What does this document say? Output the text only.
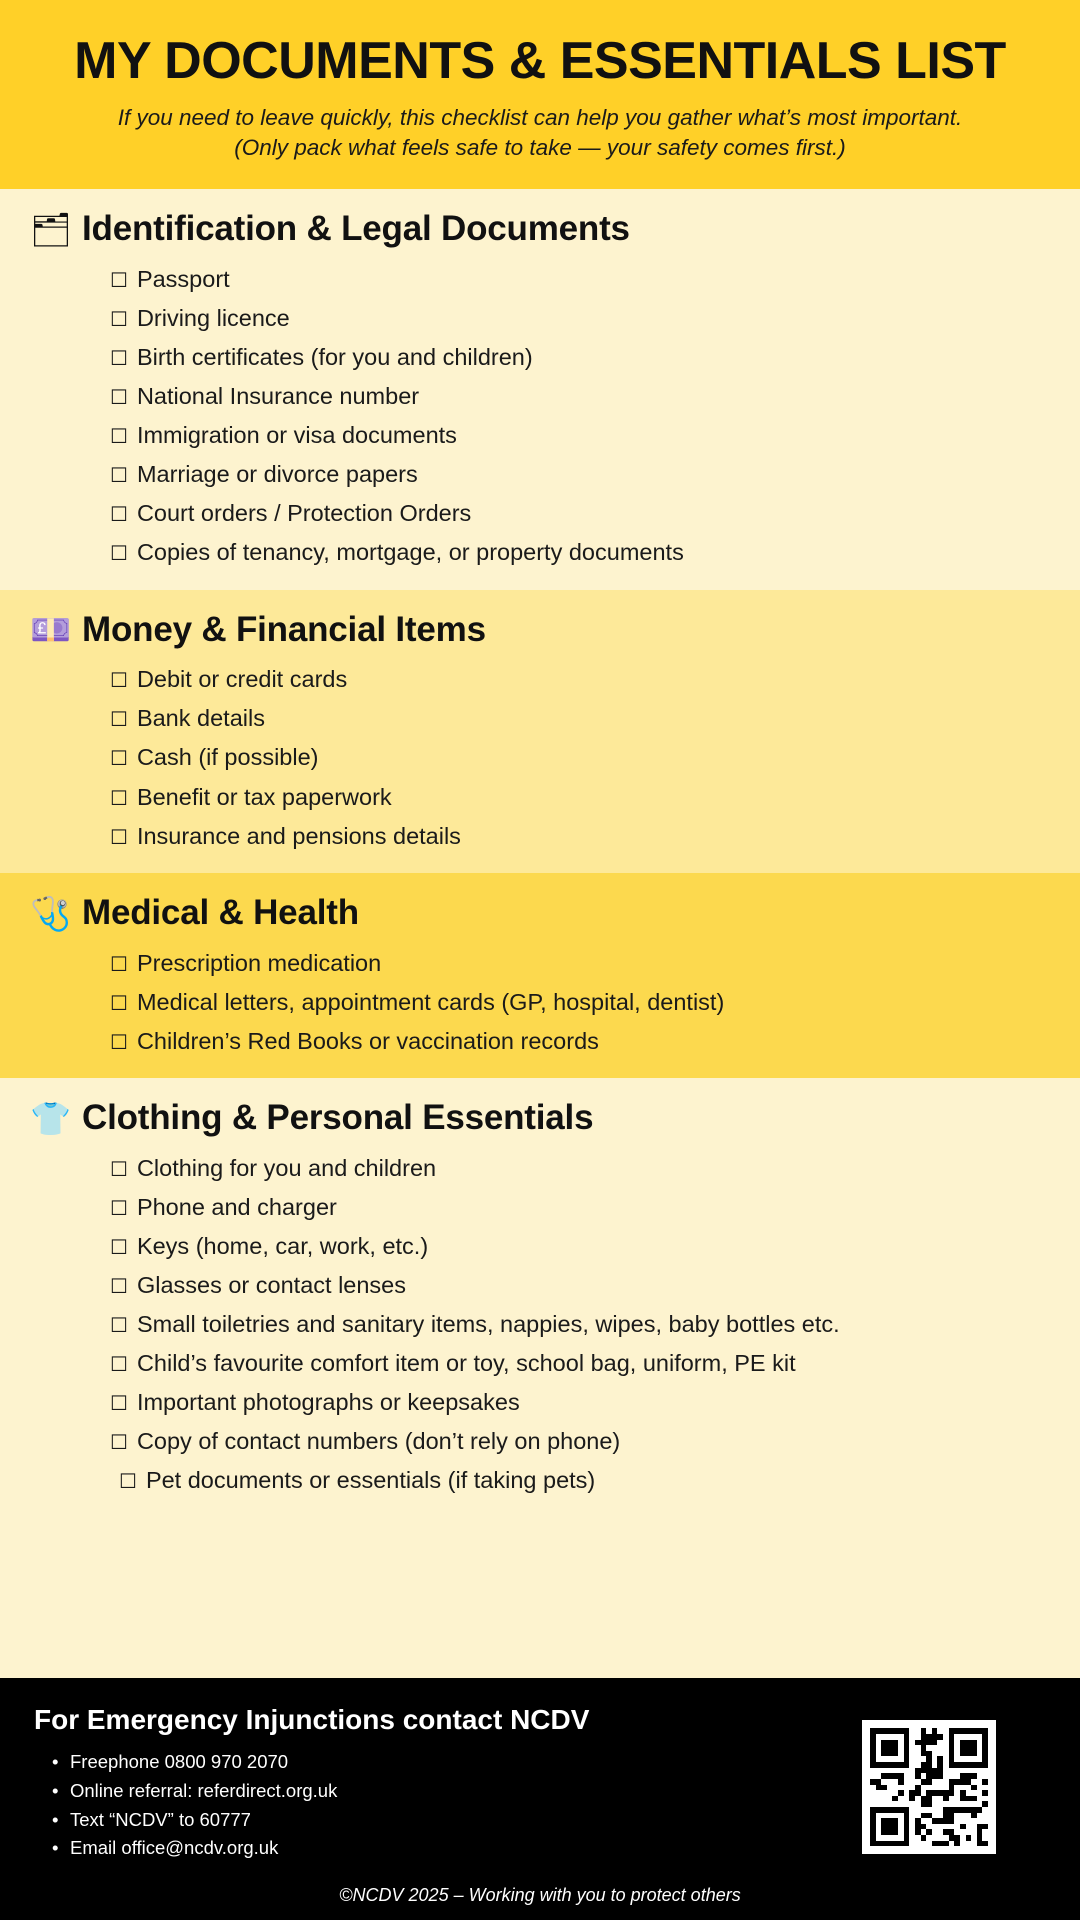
MY DOCUMENTS & ESSENTIALS LIST
If you need to leave quickly, this checklist can help you gather what’s most important.
(Only pack what feels safe to take — your safety comes first.)
🗂 Identification & Legal Documents
☐ Passport
☐ Driving licence
☐ Birth certificates (for you and children)
☐ National Insurance number
☐ Immigration or visa documents
☐ Marriage or divorce papers
☐ Court orders / Protection Orders
☐ Copies of tenancy, mortgage, or property documents
💷 Money & Financial Items
☐ Debit or credit cards
☐ Bank details
☐ Cash (if possible)
☐ Benefit or tax paperwork
☐ Insurance and pensions details
🩺 Medical & Health
☐ Prescription medication
☐ Medical letters, appointment cards (GP, hospital, dentist)
☐ Children’s Red Books or vaccination records
👕 Clothing & Personal Essentials
☐ Clothing for you and children
☐ Phone and charger
☐ Keys (home, car, work, etc.)
☐ Glasses or contact lenses
☐ Small toiletries and sanitary items, nappies, wipes, baby bottles etc.
☐ Child’s favourite comfort item or toy, school bag, uniform, PE kit
☐ Important photographs or keepsakes
☐ Copy of contact numbers (don’t rely on phone)
☐ Pet documents or essentials (if taking pets)
For Emergency Injunctions contact NCDV
• Freephone 0800 970 2070
• Online referral: referdirect.org.uk
• Text “NCDV” to 60777
• Email office@ncdv.org.uk
©NCDV 2025 – Working with you to protect others
